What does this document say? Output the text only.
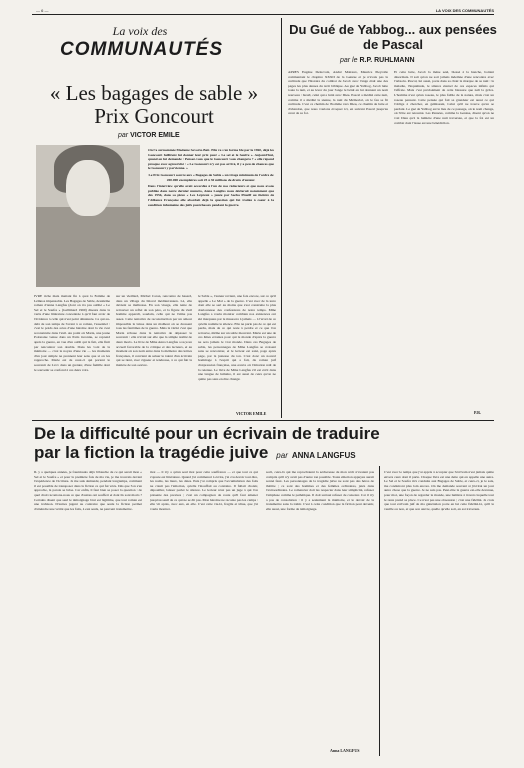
— 6 —	LA VOIX DES COMMUNAUTÉS
La voix des
COMMUNAUTÉS
« Les bagages de sable »
Prix Goncourt
par VICTOR EMILE

On l'a surnommée Madame Sovorte-Bett. Elle va s'en forma ble par la 1960, déjà les Goncourt faillirent lui donner leur prix pour « Le sel et le Soufre ». Aujourd'hui, quand on lui demande : Pensez-vous que le Goncourt vous changera ? « elle répond presque avec agressivité : « Le Goncourt n'y est pas arrivé, il y a peu de chances que le Goncourt y parvienne. »

Le Prix Goncourt souvre aux « Bagages de Sable » un tirage minimum de l'ordre de 200.000 exemplaires soit 25 à 30 millions de droits d'auteur.

Dans l'interview qu'elle avait accordée à l'un de nos rédacteurs et que nous avons publiée dans notre dernier numéro, Anna Langfus nous déclarait notamment que dès 1956, dans sa pièce « Les Lépreux » jouée par Sacha Pitoëff au théâtre de l'Alliance Française elle abordait déjà la question qui fut traitée à coeur à la condition inhumaine des juifs pourchassés pendant la guerre.

IVRE riche mais mettant fin à quoi la Femme de Lémnos impensable. Les Bagages de Sable, deuxième roman d'Anna Langfus (dont on n'a pas oublié « Le Sel et le Soufre » (Gallimard 1960) diseurs dans la vertu d'une littérature concentrée à qu'il faut avoir de l'évidence à celle qui n'est point dénaturée. Ce qui au-delà de son temps de l'avant à ce roman, l'essentiel : c'est le poids des actes d'une héroïne dont la vie s'est reconstruite dans l'exil. Au point où Maria, une jeune Polonaise venue dans un Paris inconnu, se reprend après la guerre, en vue d'un oubli qui la fuit, elle finit par rencontrer son double. Dans les voix de la mémoire — c'est le noyau d'une vie — les moments d'un jour simple ne prennent leur sens que si on les rapproche. Marie est de ceux-ci qui portent le souvenir de Lvov dans un grenier, d'une famille dont le souvenir se confond à ces deux voix.
sur un vieillard, Michel Caron, rencontre de hasard, dans un village du littoral méditerranéen. Là, elle devient sa maîtresse. En son visage, elle tente de retrouver un reflet de son père, et la figure du vieil homme apparaît, soudain, celle qui ne l'aime pas assez. Cette tentative de reconstruction par un amour impossible la laisse dans un malheur où se dressent tous les fantômes de la guerre. Mais la vérité c'est que Maria échoue dans la tentative de dépasser le souvenir : elle n'avait sur elle que la simple réalité de deux morts. Le livre de Mme Anna Langfus a reçu un accueil favorable de la critique et des lecteurs, et au moment où son nom entre dans la mémoire des lettres françaises, il convient de saluer le talent d'un écrivain qui se tient, avec rigueur et tendresse, à ce qui fait la matière de son oeuvre.
le Sable », l'auteur revient, une fois encore, sur ce qu'il appelle « Le Mal » de la guerre. C'est avec de la terre dont elle se sert au moins que s'est construite la plus douloureuse des confessions de notre temps. Mme Langfus a voulu montrer combien nos existences ont été marquées par le massacre à jamais — à l'écart de ce qu'elle nomme le silence. Elle ne parle pas de ce qui est perdu, mais de ce qui reste à perdre et ce que l'on retrouve, même sur un sable mouvant. Marie est une de ces âmes errantes pour qui le monde d'après la guerre ne sera jamais le vrai monde. Dans ces Bagages de sable, les personnages de Mme Langfus se croisent sans se rencontrer, et le lecteur est saisi, page après page, par la justesse du ton. C'est donc un nouvel hommage à l'esprit qui a fait, du roman juif d'expression française, une œuvre où l'émotion naît de la retenue. Le livre de Mme Langfus s'il est écrit dans une langue de lumière, il est aussi de ceux qu'on ne quitte pas sans en être changé.
VICTOR EMILE
Du Gué de Yabbog... aux pensées de Pascal
par le R.P. RUHLMANN
APRES Eugène Delacroix, André Malraux, Maurice Pieyrolle commentant le chapitre XXXII de la Genèse et je n'avais pas la certitude que l'histoire du combat de Jacob avec l'ange était une des pages les plus denses du récit biblique. Au gué de Yabbog, Jacob lutte toute la nuit, et au lever du jour l'ange le bénit en lui donnant un nom nouveau : Israël, celui qui a lutté avec Dieu. Pascal a médité cette nuit, comme il a médité la sienne, la nuit du Mémorial, où le feu se fit certitude. C'est ce chemin de l'homme vers Dieu, ce chemin de lutte et d'abandon, que nous voulons évoquer ici, en suivant Pascal jusqu'au cœur de sa foi.
Et cette lutte, Jacob la mène seul, blessé à la hanche, boitant désormais. Il sait qu'on ne sort jamais indemne d'une rencontre avec l'Absolu. Pascal, lui aussi, porte dans sa chair la marque de sa nuit : la maladie, l'inquiétude, le silence éternel de ces espaces infinis qui l'effraie. Mais c'est précisément de cette blessure que naît la grâce. L'homme n'est qu'un roseau, le plus faible de la nature, mais c'est un roseau pensant. Cette pensée qui fait sa grandeur est aussi ce qui l'oblige à chercher, en gémissant, Celui qu'il ne trouve qu'en se perdant. Le gué de Yabbog est le lieu de ce passage, où le nom change, où l'être est retourné. Les Pensées, comme la Genèse, disent qu'on ne voit Dieu qu'à la lumière d'une nuit traversée, et que la foi est un combat dont l'issue est une bénédiction.
P.R.
De la difficulté pour un écrivain de traduire
par la fiction la tragédie juive par ANNA LANGFUS
IL y a quelques années, je fournissais déjà l'ébauche de ce qui serait mon « Sel et le Soufre » et pour la première fois de ma vie, je me trouvais devant l'expérience de l'écriture. Je me suis demandé, pendant longtemps, comment il est possible de transposer dans la fiction ce qui fut vécu. Dès que l'on s'en approche, la parole se brise. Car enfin, il faut bien se poser la question : de quel droit racontons-nous ce que d'autres ont souffert et dont ils sont morts ? Certains disent que seul le témoignage brut est légitime, que tout roman est une trahison. D'autres jugent au contraire que seule la fiction permet d'atteindre une vérité que les faits, à eux seuls, ne peuvent transmettre.
mot — il n'y a qu'un seul mot pour cette souffrance — et que tout ce qui s'ajoute est littérature. Quand j'ai commencé à écrire, j'ai cru devoir tout dire, les noms, les lieux, les dates. Puis j'ai compris que l'accumulation des faits ne créait pas l'émotion, qu'elle l'étouffait au contraire. Il fallait choisir, dépouiller, laisser parler le silence. Le lecteur n'est pas un juge à qui l'on présente des preuves ; c'est un compagnon de route qu'il faut amener jusqu'au seuil de ce qui ne se dit pas. Mon héroïne ne raconte pas les camps : elle vit après, avec eux, en elle. C'est cette vie-là, fragile et têtue, que j'ai voulu montrer.
sorti, ceux-là qui me reprochaient la sécheresse de mon récit n'avaient pas compris qu'il n'y avait pas d'autre ton possible. Toute émotion appuyée aurait sonné faux. Les personnages de la tragédie juive ne sont pas des héros de théâtre ; ce sont des hommes et des femmes ordinaires, jetés dans l'extraordinaire. Le romancier doit les respecter dans leur simplicité, refuser l'emphase comme le pathétique. Il doit surtout refuser de consoler. Car il n'y a pas de consolation : il y a seulement la mémoire, et le devoir de la transmettre sans la trahir. C'est à cette condition que la fiction peut devenir, elle aussi, une forme de témoignage.
Anna LANGFUS
C'est avec le temps que j'ai appris à accepter que l'écrivain n'est jamais quitte envers ceux dont il parle. Chaque livre est une dette qui en appelle une autre. Le Sel et le Soufre m'a conduite aux Bagages de Sable, et ceux-ci, je le sais, me conduiront plus loin encore. On me demande souvent si j'écrirai un jour autre chose que la guerre. Je ne sais pas. Peut-être la guerre est-elle devenue, pour moi, une façon de regarder le monde, une lumière à travers laquelle tout le reste prend sa place. Ce n'est pas une obsession ; c'est une fidélité. Je crois que tout écrivain juif de ma génération porte en lui cette fidélité-là, qu'il le veuille ou non, et que son œuvre, quelle qu'elle soit, en est traversée.
